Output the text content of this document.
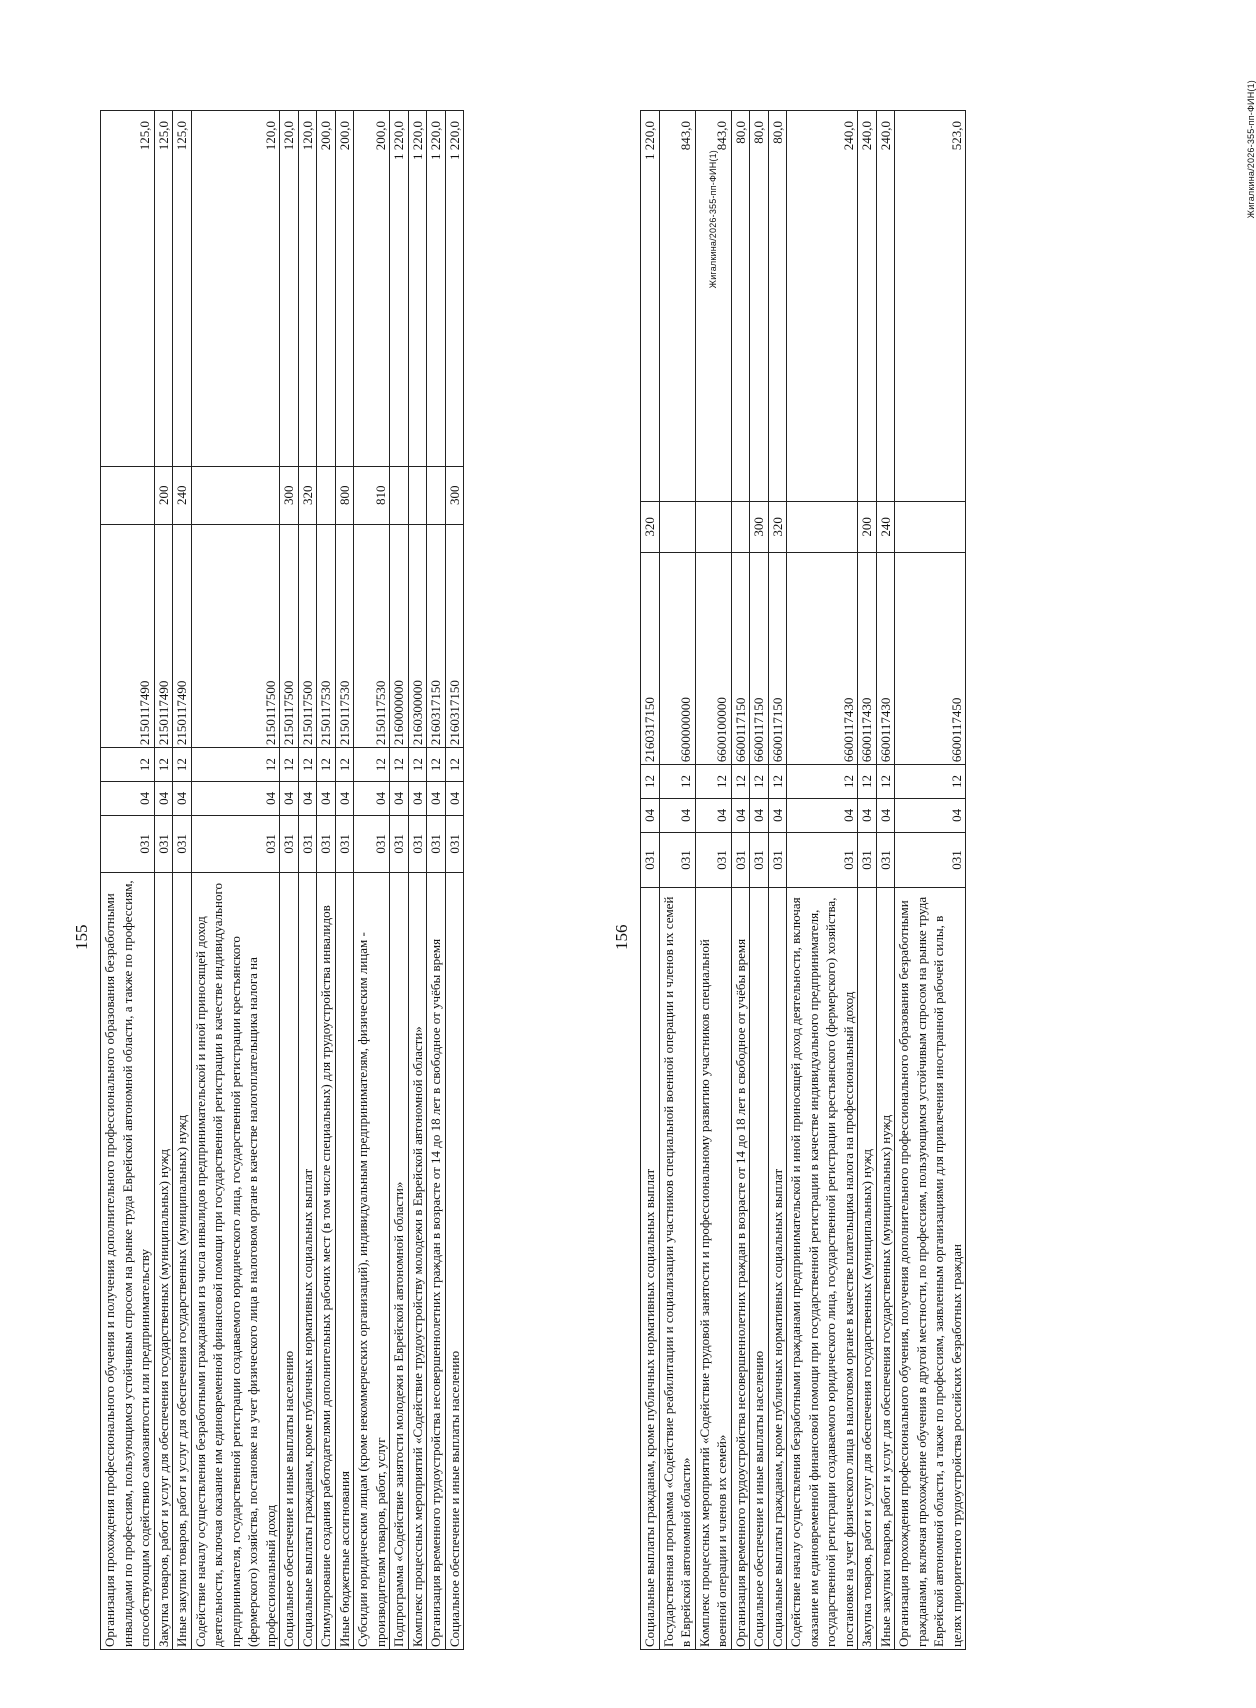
155 Организация прохождения профессионального обучения и получения дополнительного профессионального образования безработными инвалидами по профессиям, пользующимся устойчивым спросом на рынке труда Еврейской автономной области, а также по профессиям, способствующим содействию самозанятости или предпринимательству	031	04	12	2150117490		125,0
Закупка товаров, работ и услуг для обеспечения государственных (муниципальных) нужд	031	04	12	2150117490	200	125,0
Иные закупки товаров, работ и услуг для обеспечения государственных (муниципальных) нужд	031	04	12	2150117490	240	125,0
Содействие началу осуществления безработными гражданами из числа инвалидов предпринимательской и иной приносящей доход деятельности, включая оказание им единовременной финансовой помощи при государственной регистрации в качестве индивидуального предпринимателя, государственной регистрации создаваемого юридического лица, государственной регистрации крестьянского (фермерского) хозяйства, постановке на учет физического лица в налоговом органе в качестве налогоплательщика налога на профессиональный доход	031	04	12	2150117500		120,0
Социальное обеспечение и иные выплаты населению	031	04	12	2150117500	300	120,0
Социальные выплаты гражданам, кроме публичных нормативных социальных выплат	031	04	12	2150117500	320	120,0
Стимулирование создания работодателями дополнительных рабочих мест (в том числе специальных) для трудоустройства инвалидов	031	04	12	2150117530		200,0
Иные бюджетные ассигнования	031	04	12	2150117530	800	200,0
Субсидии юридическим лицам (кроме некоммерческих организаций), индивидуальным предпринимателям, физическим лицам - производителям товаров, работ, услуг	031	04	12	2150117530	810	200,0
Подпрограмма «Содействие занятости молодежи в Еврейской автономной области»	031	04	12	2160000000		1 220,0
Комплекс процессных мероприятий «Содействие трудоустройству молодежи в Еврейской автономной области»	031	04	12	2160300000		1 220,0
Организация временного трудоустройства несовершеннолетних граждан в возрасте от 14 до 18 лет в свободное от учёбы время	031	04	12	2160317150		1 220,0
Социальное обеспечение и иные выплаты населению	031	04	12	2160317150	300	1 220,0
Жигалкина/2026-355-пп-ФИН(1)
156
Социальные выплаты гражданам, кроме публичных нормативных социальных выплат	031	04	12	2160317150	320	1 220,0
Государственная программа «Содействие реабилитации и социализации участников специальной военной операции и членов их семей в Еврейской автономной области»	031	04	12	6600000000		843,0
Комплекс процессных мероприятий «Содействие трудовой занятости и профессиональному развитию участников специальной военной операции и членов их семей»	031	04	12	6600100000		843,0
Организация временного трудоустройства несовершеннолетних граждан в возрасте от 14 до 18 лет в свободное от учёбы время	031	04	12	6600117150		80,0
Социальное обеспечение и иные выплаты населению	031	04	12	6600117150	300	80,0
Социальные выплаты гражданам, кроме публичных нормативных социальных выплат	031	04	12	6600117150	320	80,0
Содействие началу осуществления безработными гражданами предпринимательской и иной приносящей доход деятельности, включая оказание им единовременной финансовой помощи при государственной регистрации в качестве индивидуального предпринимателя, государственной регистрации создаваемого юридического лица, государственной регистрации крестьянского (фермерского) хозяйства, постановке на учет физического лица в налоговом органе в качестве плательщика налога на профессиональный доход	031	04	12	6600117430		240,0
Закупка товаров, работ и услуг для обеспечения государственных (муниципальных) нужд	031	04	12	6600117430	200	240,0
Иные закупки товаров, работ и услуг для обеспечения государственных (муниципальных) нужд	031	04	12	6600117430	240	240,0
Организация прохождения профессионального обучения, получения дополнительного профессионального образования безработными гражданами, включая прохождение обучения в другой местности, по профессиям, пользующимся устойчивым спросом на рынке труда Еврейской автономной области, а также по профессиям, заявленным организациями для привлечения иностранной рабочей силы, в целях приоритетного трудоустройства российских безработных граждан	031	04	12	6600117450		523,0	Жигалкина/2026-355-пп-ФИН(1)
